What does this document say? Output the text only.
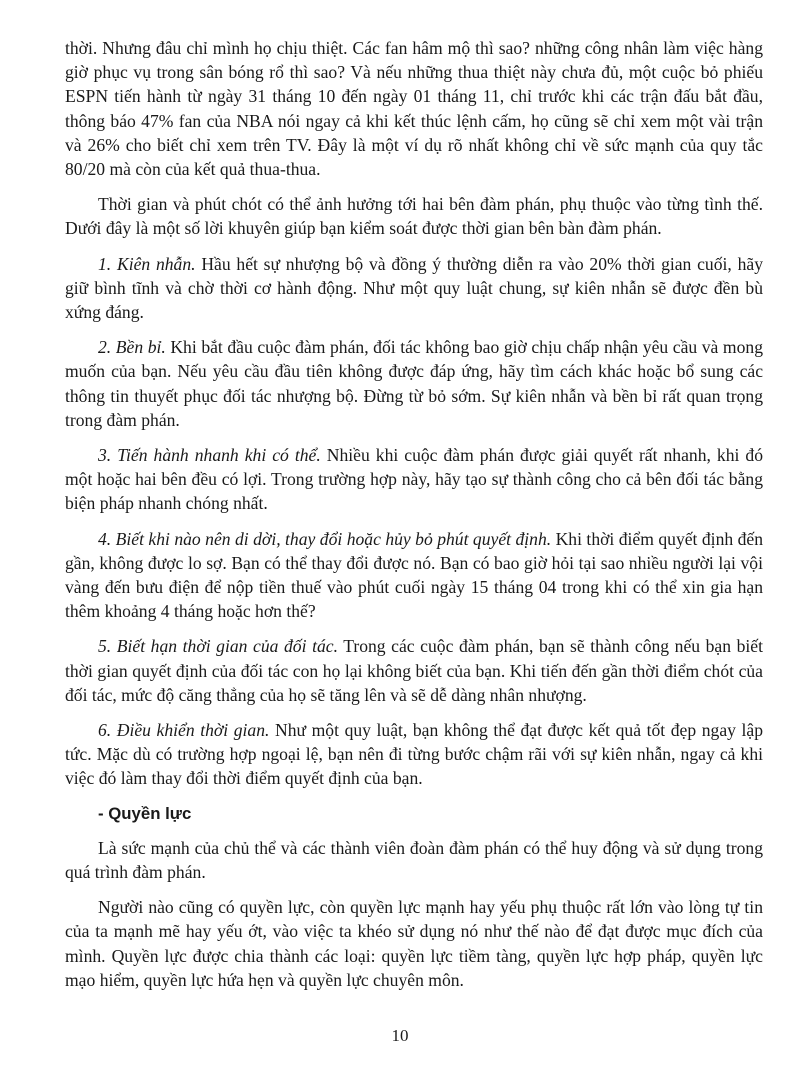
thời. Nhưng đâu chỉ mình họ chịu thiệt. Các fan hâm mộ thì sao? những công nhân làm việc hàng giờ phục vụ trong sân bóng rổ thì sao? Và nếu những thua thiệt này chưa đủ, một cuộc bỏ phiếu ESPN tiến hành từ ngày 31 tháng 10 đến ngày 01 tháng 11, chỉ trước khi các trận đấu bắt đầu, thông báo 47% fan của NBA nói ngay cả khi kết thúc lệnh cấm, họ cũng sẽ chỉ xem một vài trận và 26% cho biết chỉ xem trên TV. Đây là một ví dụ rõ nhất không chỉ về sức mạnh của quy tắc 80/20 mà còn của kết quả thua-thua.

Thời gian và phút chót có thể ảnh hưởng tới hai bên đàm phán, phụ thuộc vào từng tình thế. Dưới đây là một số lời khuyên giúp bạn kiểm soát được thời gian bên bàn đàm phán.

1. Kiên nhẫn. Hầu hết sự nhượng bộ và đồng ý thường diễn ra vào 20% thời gian cuối, hãy giữ bình tĩnh và chờ thời cơ hành động. Như một quy luật chung, sự kiên nhẫn sẽ được đền bù xứng đáng.

2. Bền bỉ. Khi bắt đầu cuộc đàm phán, đối tác không bao giờ chịu chấp nhận yêu cầu và mong muốn của bạn. Nếu yêu cầu đầu tiên không được đáp ứng, hãy tìm cách khác hoặc bổ sung các thông tin thuyết phục đối tác nhượng bộ. Đừng từ bỏ sớm. Sự kiên nhẫn và bền bỉ rất quan trọng trong đàm phán.

3. Tiến hành nhanh khi có thể. Nhiều khi cuộc đàm phán được giải quyết rất nhanh, khi đó một hoặc hai bên đều có lợi. Trong trường hợp này, hãy tạo sự thành công cho cả bên đối tác bằng biện pháp nhanh chóng nhất.

4. Biết khi nào nên di dời, thay đổi hoặc hủy bỏ phút quyết định. Khi thời điểm quyết định đến gần, không được lo sợ. Bạn có thể thay đổi được nó. Bạn có bao giờ hỏi tại sao nhiều người lại vội vàng đến bưu điện để nộp tiền thuế vào phút cuối ngày 15 tháng 04 trong khi có thể xin gia hạn thêm khoảng 4 tháng hoặc hơn thế?

5. Biết hạn thời gian của đối tác. Trong các cuộc đàm phán, bạn sẽ thành công nếu bạn biết thời gian quyết định của đối tác con họ lại không biết của bạn. Khi tiến đến gần thời điểm chót của đối tác, mức độ căng thẳng của họ sẽ tăng lên và sẽ dễ dàng nhân nhượng.

6. Điều khiển thời gian. Như một quy luật, bạn không thể đạt được kết quả tốt đẹp ngay lập tức. Mặc dù có trường hợp ngoại lệ, bạn nên đi từng bước chậm rãi với sự kiên nhẫn, ngay cả khi việc đó làm thay đổi thời điểm quyết định của bạn.

- Quyền lực

Là sức mạnh của chủ thể và các thành viên đoàn đàm phán có thể huy động và sử dụng trong quá trình đàm phán.

Người nào cũng có quyền lực, còn quyền lực mạnh hay yếu phụ thuộc rất lớn vào lòng tự tin của ta mạnh mẽ hay yếu ớt, vào việc ta khéo sử dụng nó như thế nào để đạt được mục đích của mình. Quyền lực được chia thành các loại: quyền lực tiềm tàng, quyền lực hợp pháp, quyền lực mạo hiểm, quyền lực hứa hẹn và quyền lực chuyên môn.

10
